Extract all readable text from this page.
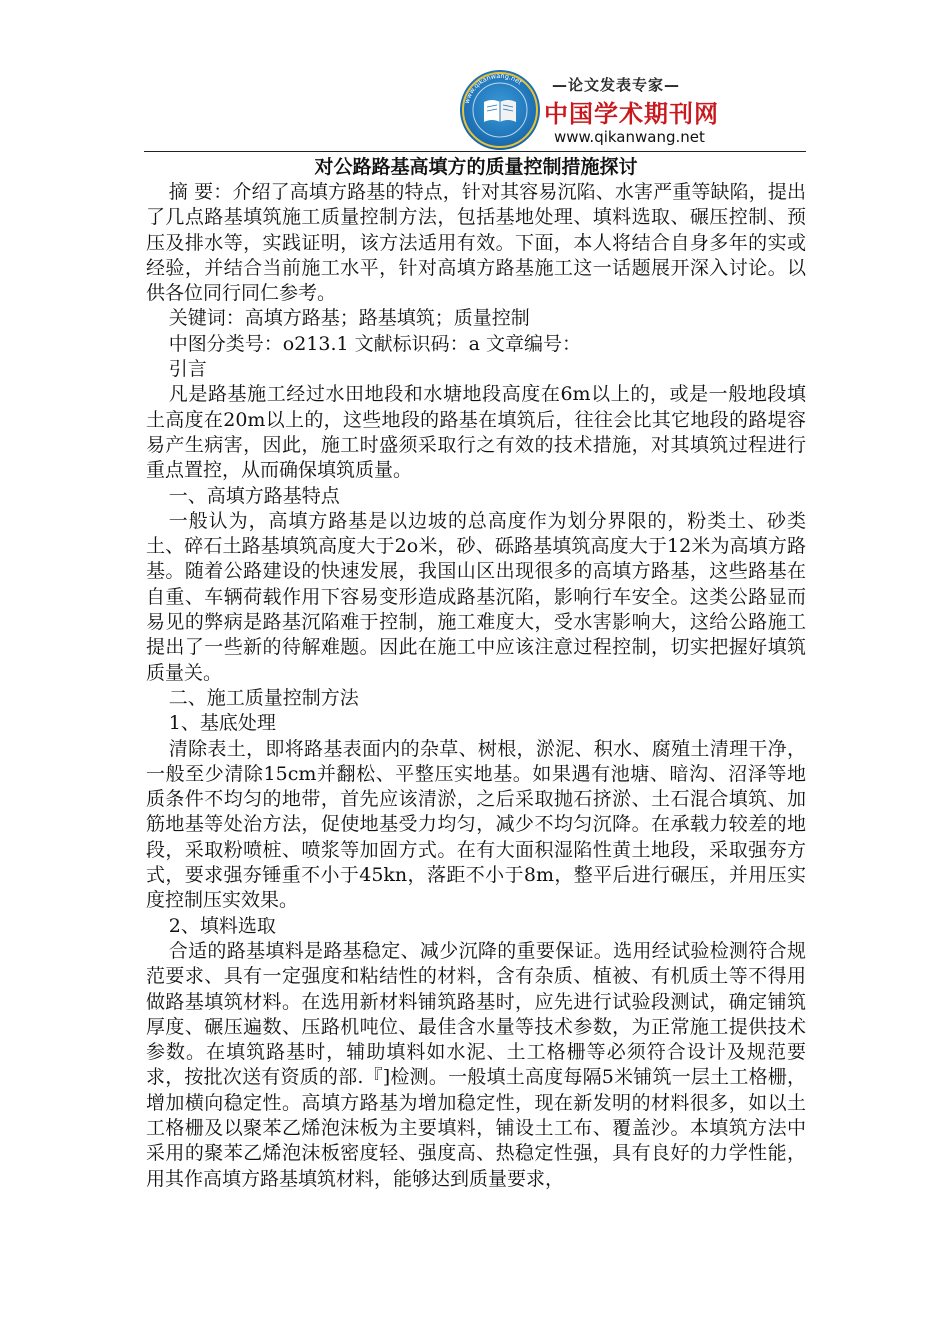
www.qikanwang.net —论文发表专家—
中国学术期刊网
www.qikanwang.net
对公路路基高填方的质量控制措施探讨

摘 要：介绍了高填方路基的特点，针对其容易沉陷、水害严重等缺陷，提出了几点路基填筑施工质量控制方法，包括基地处理、填料选取、碾压控制、预压及排水等，实践证明，该方法适用有效。下面，本人将结合自身多年的实或经验，并结合当前施工水平，针对高填方路基施工这一话题展开深入讨论。以供各位同行同仁参考。

关键词：高填方路基；路基填筑；质量控制

中图分类号：o213.1 文献标识码：a 文章编号：

引言

凡是路基施工经过水田地段和水塘地段高度在6m以上的，或是一般地段填土高度在20m以上的，这些地段的路基在填筑后，往往会比其它地段的路堤容易产生病害，因此，施工时盛须采取行之有效的技术措施，对其填筑过程进行重点置控，从而确保填筑质量。

一、高填方路基特点

一般认为，高填方路基是以边坡的总高度作为划分界限的，粉类土、砂类土、碎石土路基填筑高度大于2o米，砂、砾路基填筑高度大于12米为高填方路基。随着公路建设的快速发展，我国山区出现很多的高填方路基，这些路基在自重、车辆荷载作用下容易变形造成路基沉陷，影响行车安全。这类公路显而易见的弊病是路基沉陷难于控制，施工难度大，受水害影响大，这给公路施工提出了一些新的待解难题。因此在施工中应该注意过程控制，切实把握好填筑质量关。

二、施工质量控制方法

1、基底处理

清除表土，即将路基表面内的杂草、树根，淤泥、积水、腐殖土清理干净，一般至少清除15cm并翻松、平整压实地基。如果遇有池塘、暗沟、沼泽等地质条件不均匀的地带，首先应该清淤，之后采取抛石挤淤、土石混合填筑、加筋地基等处治方法，促使地基受力均匀，减少不均匀沉降。在承载力较差的地段，采取粉喷桩、喷浆等加固方式。在有大面积湿陷性黄土地段，采取强夯方式，要求强夯锤重不小于45kn，落距不小于8m，整平后进行碾压，并用压实度控制压实效果。

2、填料选取

合适的路基填料是路基稳定、减少沉降的重要保证。选用经试验检测符合规范要求、具有一定强度和粘结性的材料，含有杂质、植被、有机质土等不得用做路基填筑材料。在选用新材料铺筑路基时，应先进行试验段测试，确定铺筑厚度、碾压遍数、压路机吨位、最佳含水量等技术参数，为正常施工提供技术参数。在填筑路基时，辅助填料如水泥、土工格栅等必须符合设计及规范要求，按批次送有资质的部.『]检测。一般填土高度每隔5米铺筑一层土工格栅，增加横向稳定性。高填方路基为增加稳定性，现在新发明的材料很多，如以土工格栅及以聚苯乙烯泡沫板为主要填料，铺设土工布、覆盖沙。本填筑方法中采用的聚苯乙烯泡沫板密度轻、强度高、热稳定性强，具有良好的力学性能，用其作高填方路基填筑材料，能够达到质量要求，
